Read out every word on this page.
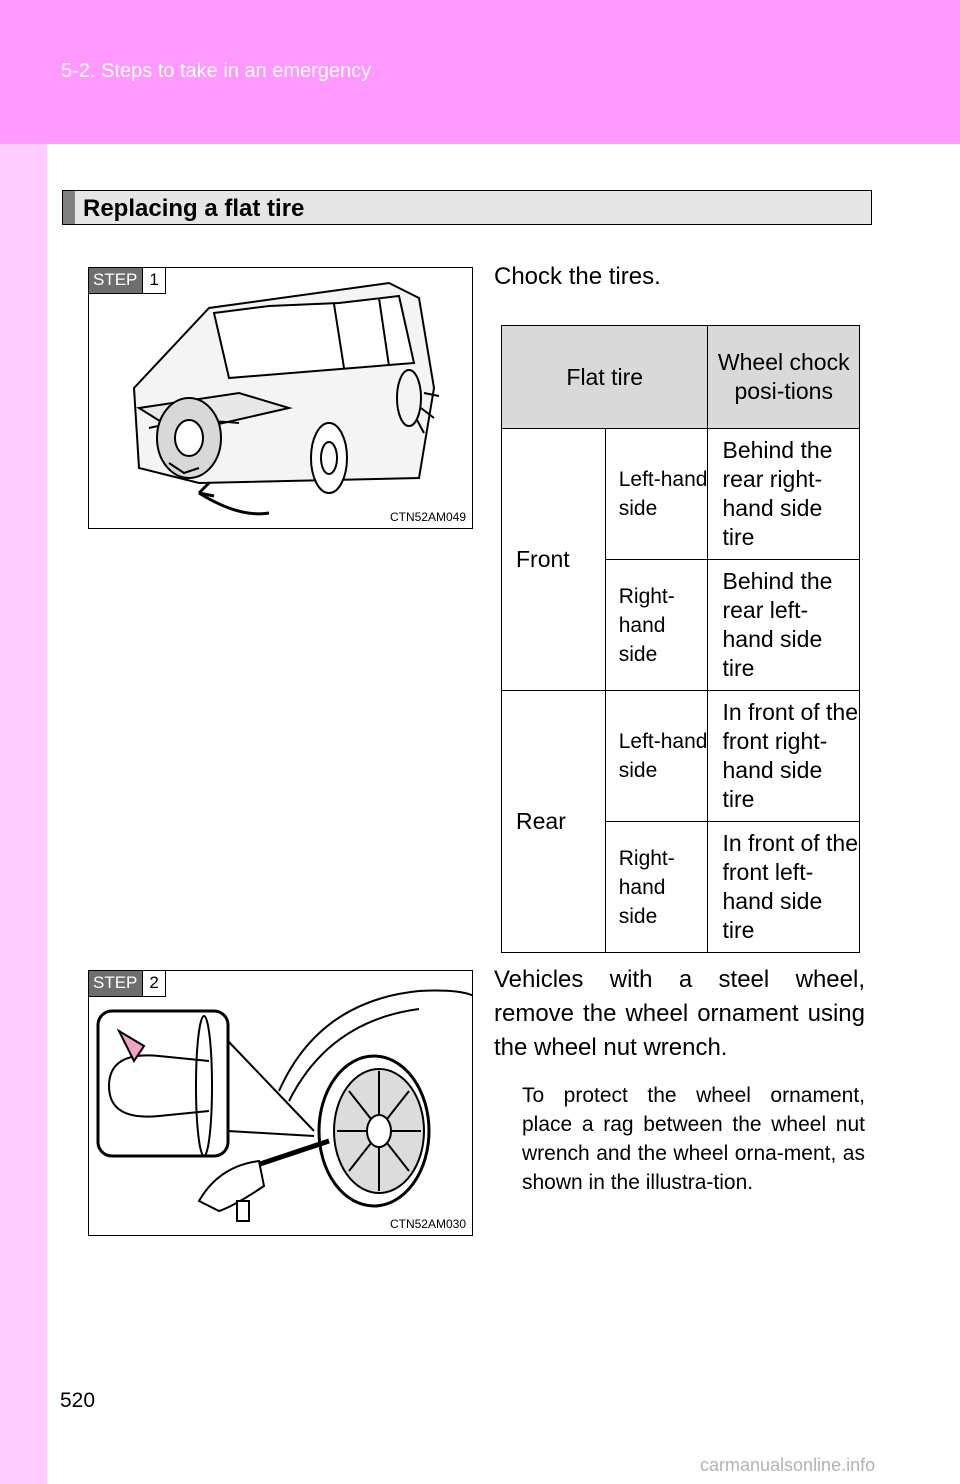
5-2. Steps to take in an emergency
Replacing a flat tire
STEP 1
CTN52AM049
Chock the tires.
Flat tire		Wheel chock posi-tions
Front	Left-hand side	Behind the rear right-hand side tire
	Right-hand side	Behind the rear left-hand side tire
Rear	Left-hand side	In front of the front right-hand side tire
	Right-hand side	In front of the front left-hand side tire
STEP 2
CTN52AM030
Vehicles with a steel wheel, remove the wheel ornament using the wheel nut wrench.
To protect the wheel ornament, place a rag between the wheel nut wrench and the wheel orna-ment, as shown in the illustra-tion.
520
carmanualsonline.info
